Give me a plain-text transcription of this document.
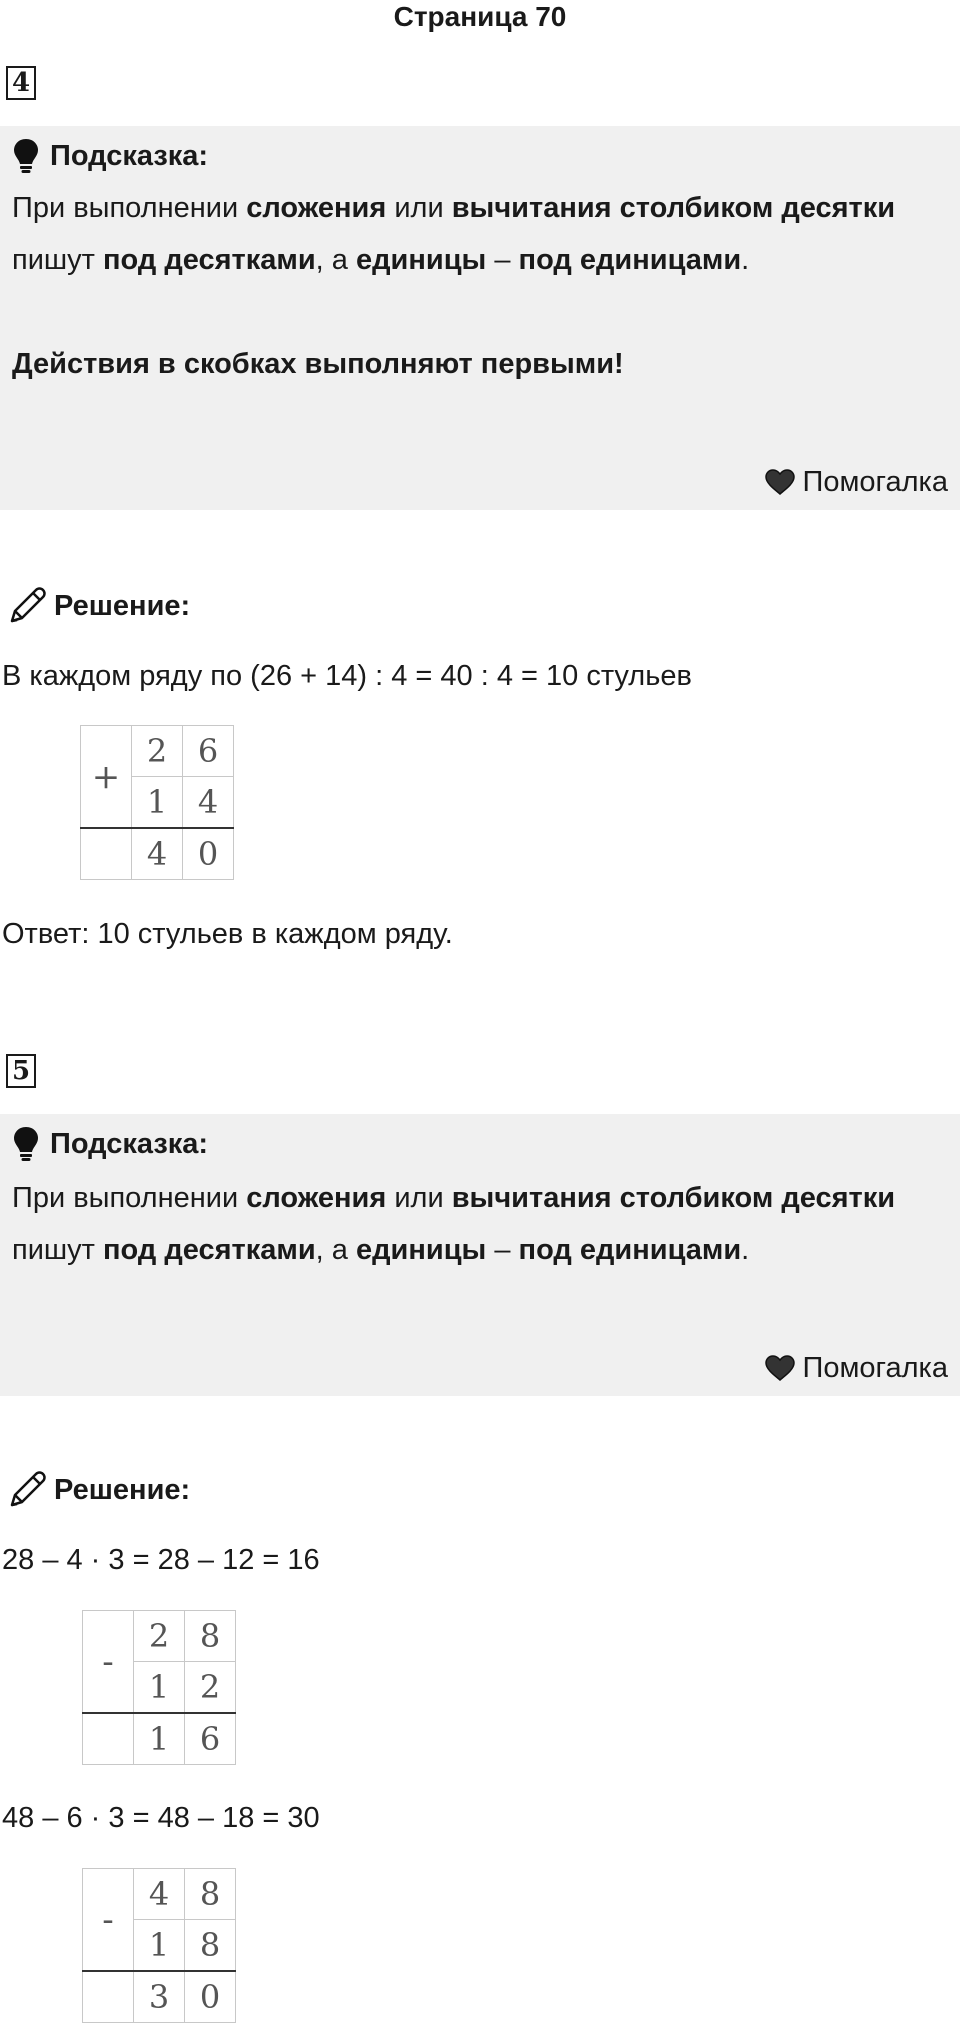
Страница 70
4
Подсказка:
При выполнении сложения или вычитания столбиком десятки пишут под десятками, а единицы – под единицами.
Действия в скобках выполняют первыми!
Помогалка
Решение:
В каждом ряду по (26 + 14) : 4 = 40 : 4 = 10 стульев
+	2	6
	1	4
	4	0
Ответ: 10 стульев в каждом ряду.
5
Подсказка:
При выполнении сложения или вычитания столбиком десятки пишут под десятками, а единицы – под единицами.
Помогалка
Решение:
28 – 4 · 3 = 28 – 12 = 16
-	2	8
	1	2
	1	6
48 – 6 · 3 = 48 – 18 = 30
-	4	8
	1	8
	3	0
